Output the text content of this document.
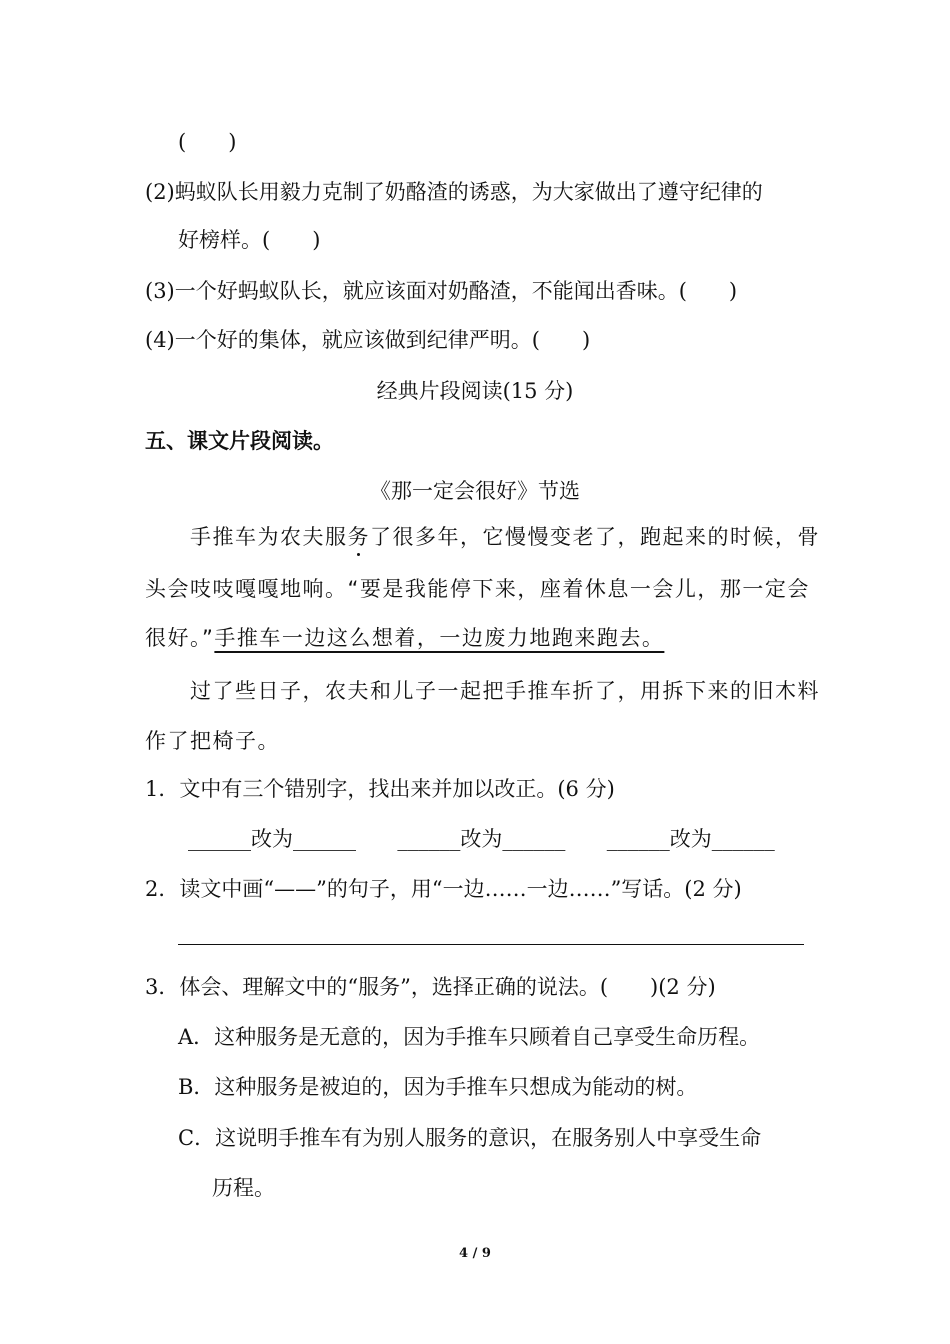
(　　)
(2)蚂蚁队长用毅力克制了奶酪渣的诱惑，为大家做出了遵守纪律的
好榜样。(　　)
(3)一个好蚂蚁队长，就应该面对奶酪渣，不能闻出香味。(　　)
(4)一个好的集体，就应该做到纪律严明。(　　)
经典片段阅读(15 分)
五、课文片段阅读。
《那一定会很好》节选
手推车为农夫服务了很多年，它慢慢变老了，跑起来的时候，骨
头会吱吱嘎嘎地响。“要是我能停下来，座着休息一会儿，那一定会
很好。”手推车一边这么想着，一边废力地跑来跑去。
过了些日子，农夫和儿子一起把手推车折了，用拆下来的旧木料
作了把椅子。
1．文中有三个错别字，找出来并加以改正。(6 分)
______改为______ ______改为______ ______改为______
2．读文中画“——”的句子，用“一边……一边……”写话。(2 分)
3．体会、理解文中的“服务”，选择正确的说法。(　　)(2 分)
A．这种服务是无意的，因为手推车只顾着自己享受生命历程。
B．这种服务是被迫的，因为手推车只想成为能动的树。
C．这说明手推车有为别人服务的意识，在服务别人中享受生命
历程。
4 / 9
